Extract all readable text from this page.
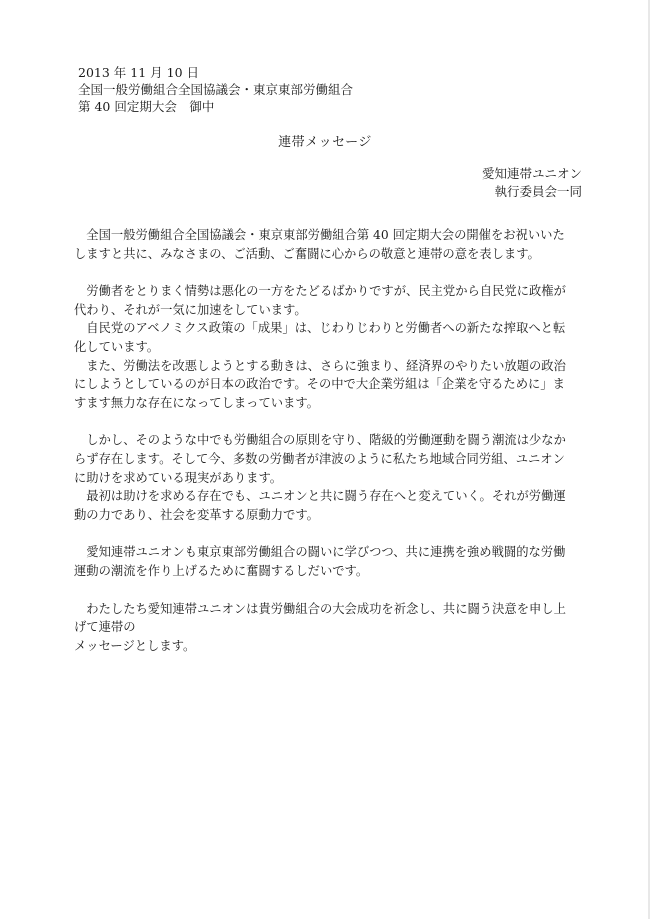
2013 年 11 月 10 日
全国一般労働組合全国協議会・東京東部労働組合
第 40 回定期大会　御中
連帯メッセージ
愛知連帯ユニオン
執行委員会一同
　全国一般労働組合全国協議会・東京東部労働組合第 40 回定期大会の開催をお祝いいた
しますと共に、みなさまの、ご活動、ご奮闘に心からの敬意と連帯の意を表します。
　労働者をとりまく情勢は悪化の一方をたどるばかりですが、民主党から自民党に政権が
代わり、それが一気に加速をしています。
　自民党のアベノミクス政策の「成果」は、じわりじわりと労働者への新たな搾取へと転
化しています。
　また、労働法を改悪しようとする動きは、さらに強まり、経済界のやりたい放題の政治
にしようとしているのが日本の政治です。その中で大企業労組は「企業を守るために」ま
すます無力な存在になってしまっています。
　しかし、そのような中でも労働組合の原則を守り、階級的労働運動を闘う潮流は少なか
らず存在します。そして今、多数の労働者が津波のように私たち地域合同労組、ユニオン
に助けを求めている現実があります。
　最初は助けを求める存在でも、ユニオンと共に闘う存在へと変えていく。それが労働運
動の力であり、社会を変革する原動力です。
　愛知連帯ユニオンも東京東部労働組合の闘いに学びつつ、共に連携を強め戦闘的な労働
運動の潮流を作り上げるために奮闘するしだいです。
　わたしたち愛知連帯ユニオンは貴労働組合の大会成功を祈念し、共に闘う決意を申し上
げて連帯の
メッセージとします。
